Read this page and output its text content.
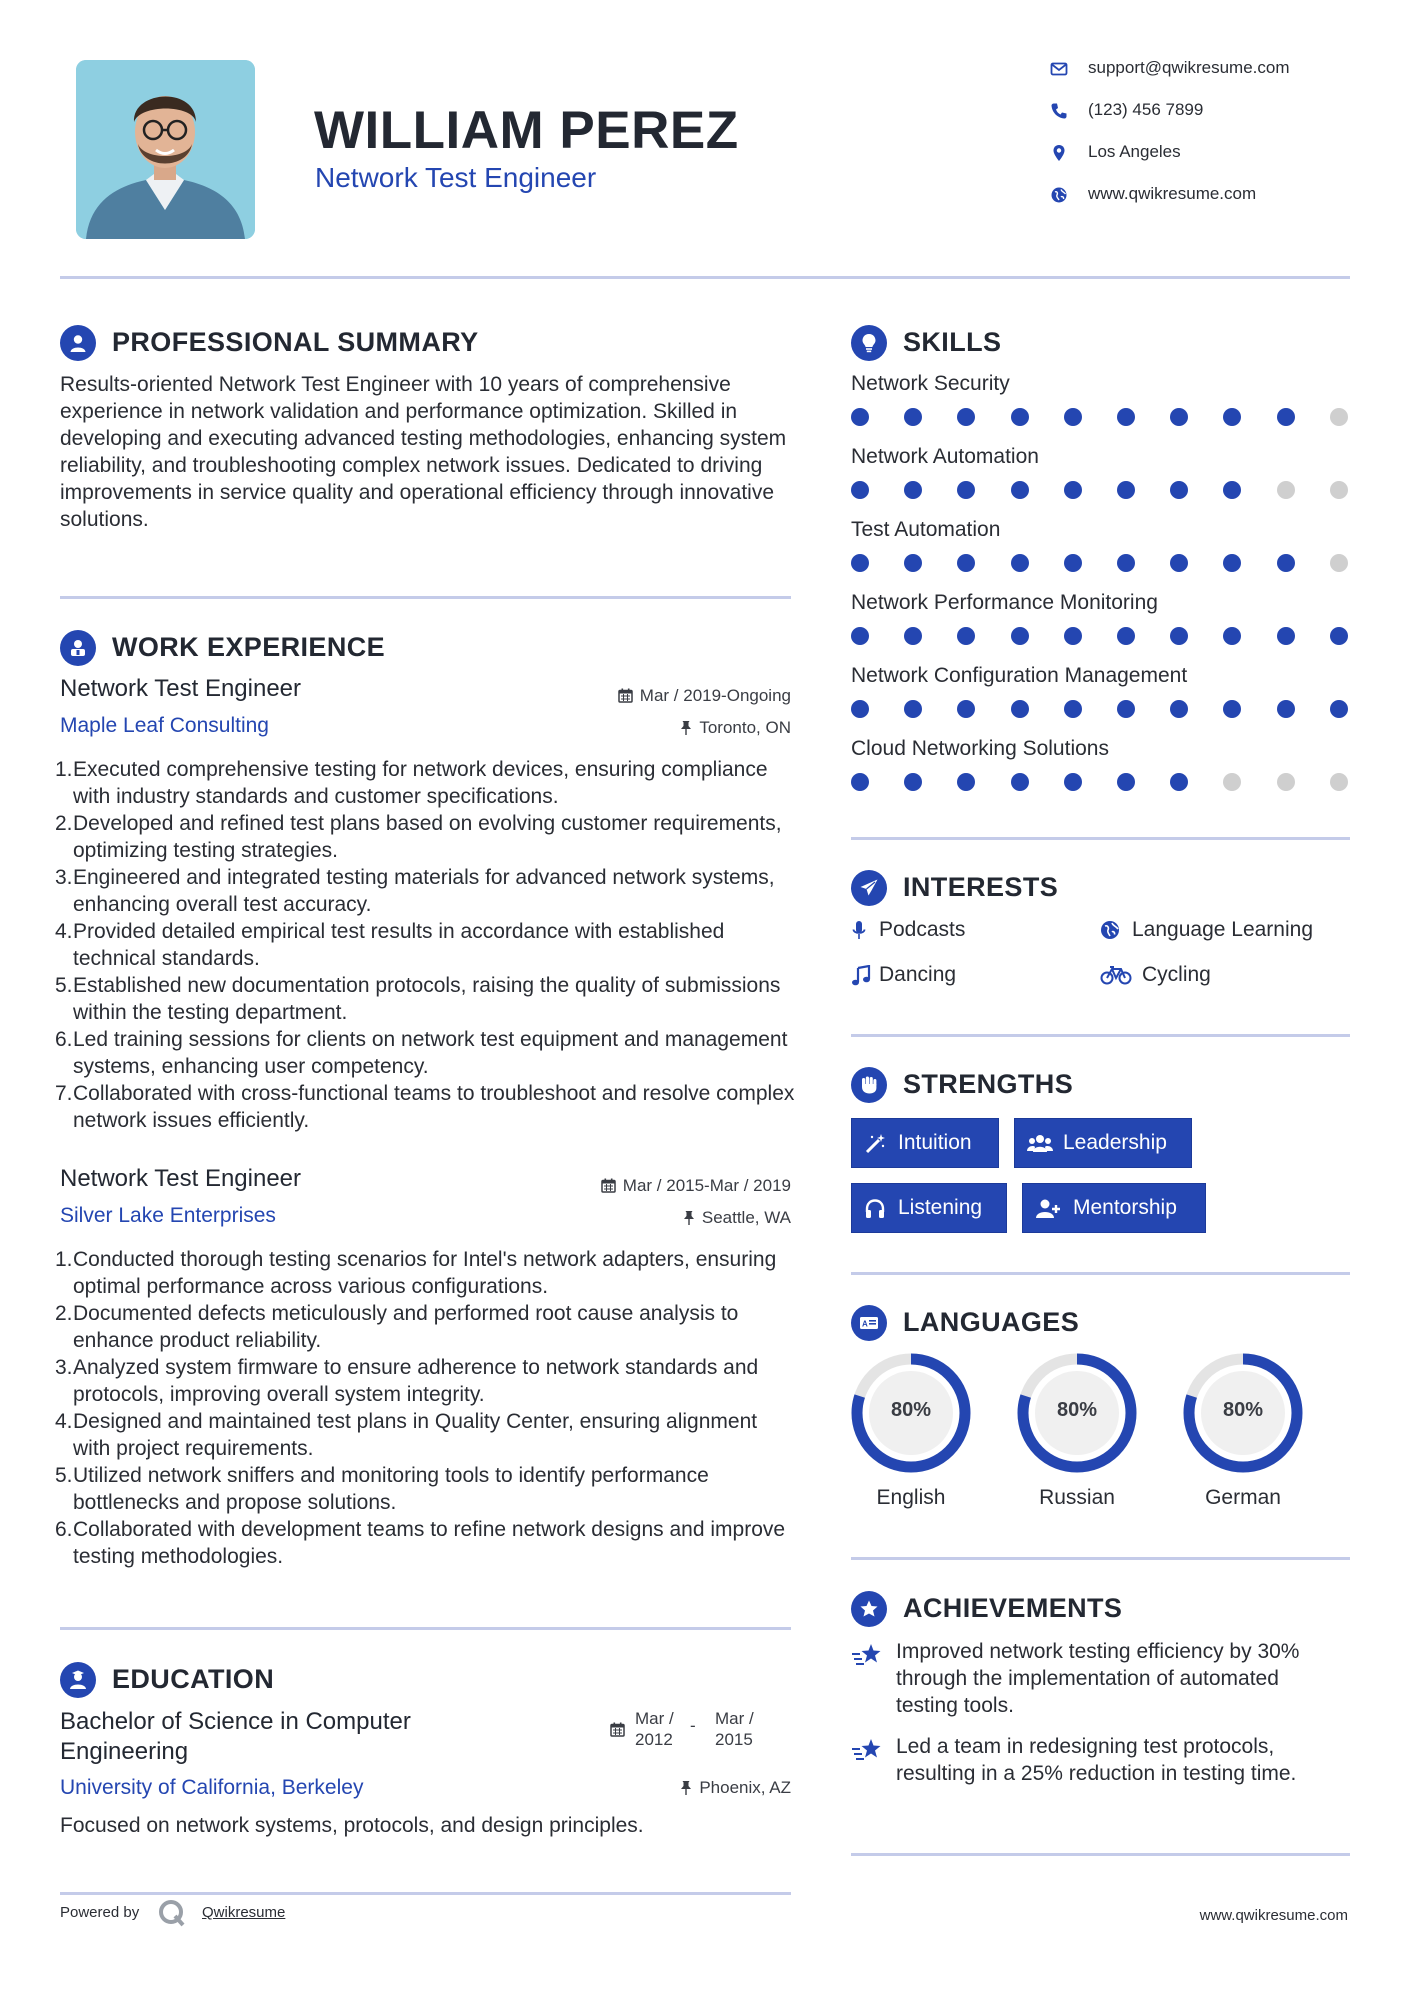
WILLIAM PEREZ
Network Test Engineer
support@qwikresume.com
(123) 456 7899
Los Angeles
www.qwikresume.com
PROFESSIONAL SUMMARY
Results-oriented Network Test Engineer with 10 years of comprehensive experience in network validation and performance optimization. Skilled in developing and executing advanced testing methodologies, enhancing system reliability, and troubleshooting complex network issues. Dedicated to driving improvements in service quality and operational efficiency through innovative solutions.
WORK EXPERIENCE
Network Test Engineer	Mar / 2019-Ongoing
Maple Leaf Consulting	Toronto, ON
1. Executed comprehensive testing for network devices, ensuring compliance with industry standards and customer specifications.
2. Developed and refined test plans based on evolving customer requirements, optimizing testing strategies.
3. Engineered and integrated testing materials for advanced network systems, enhancing overall test accuracy.
4. Provided detailed empirical test results in accordance with established technical standards.
5. Established new documentation protocols, raising the quality of submissions within the testing department.
6. Led training sessions for clients on network test equipment and management systems, enhancing user competency.
7. Collaborated with cross-functional teams to troubleshoot and resolve complex network issues efficiently.
Network Test Engineer	Mar / 2015-Mar / 2019
Silver Lake Enterprises	Seattle, WA
1. Conducted thorough testing scenarios for Intel's network adapters, ensuring optimal performance across various configurations.
2. Documented defects meticulously and performed root cause analysis to enhance product reliability.
3. Analyzed system firmware to ensure adherence to network standards and protocols, improving overall system integrity.
4. Designed and maintained test plans in Quality Center, ensuring alignment with project requirements.
5. Utilized network sniffers and monitoring tools to identify performance bottlenecks and propose solutions.
6. Collaborated with development teams to refine network designs and improve testing methodologies.
EDUCATION
Bachelor of Science in Computer Engineering
Mar / 2012
- Mar / 2015
University of California, Berkeley	Phoenix, AZ
Focused on network systems, protocols, and design principles.
Powered by	Qwikresume	www.qwikresume.com
SKILLS
Network Security
Network Automation
Test Automation
Network Performance Monitoring
Network Configuration Management
Cloud Networking Solutions
INTERESTS
Podcasts	Language Learning
Dancing	Cycling
STRENGTHS
Intuition	Leadership
Listening	Mentorship
A LANGUAGES
80%
English
80%
Russian
80%
German
ACHIEVEMENTS
Improved network testing efficiency by 30% through the implementation of automated testing tools.
Led a team in redesigning test protocols, resulting in a 25% reduction in testing time.
